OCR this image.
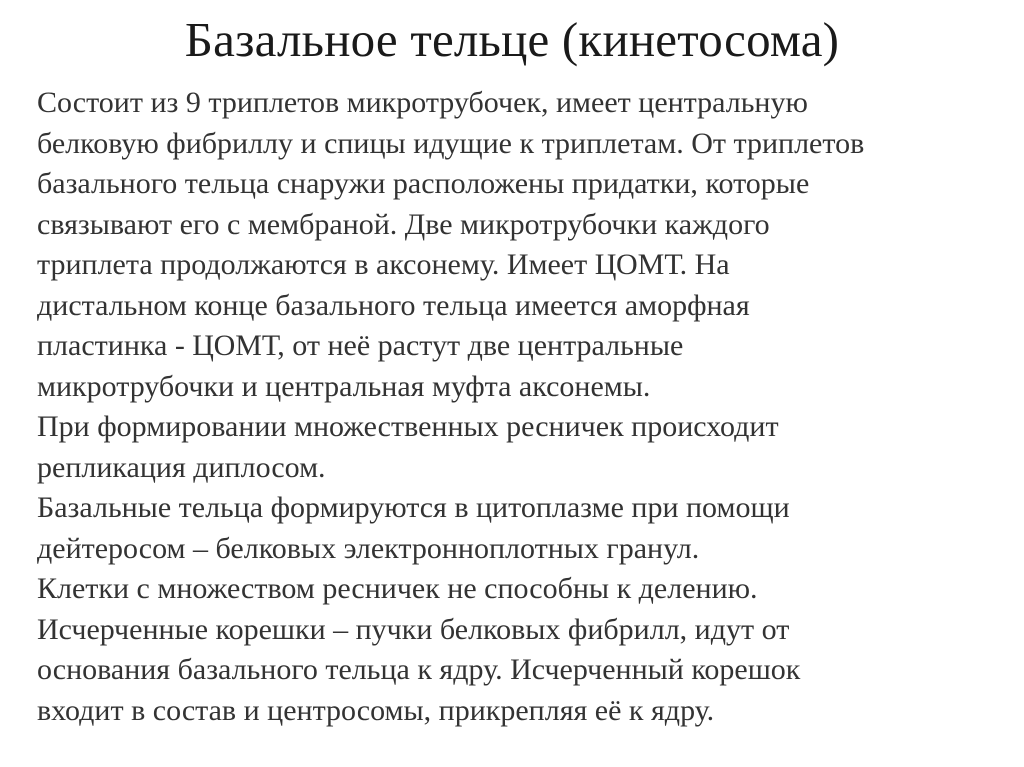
Базальное тельце (кинетосома)

Состоит из 9 триплетов микротрубочек, имеет центральную
белковую фибриллу и спицы идущие к триплетам. От триплетов
базального тельца снаружи расположены придатки, которые
связывают его с мембраной. Две микротрубочки каждого
триплета продолжаются в аксонему. Имеет ЦОМТ. На
дистальном конце базального тельца имеется аморфная
пластинка - ЦОМТ, от неё растут две центральные
микротрубочки и центральная муфта аксонемы.

При формировании множественных ресничек происходит
репликация диплосом.

Базальные тельца формируются в цитоплазме при помощи
дейтеросом – белковых электронноплотных гранул.

Клетки с множеством ресничек не способны к делению.

Исчерченные корешки – пучки белковых фибрилл, идут от
основания базального тельца к ядру. Исчерченный корешок
входит в состав и центросомы, прикрепляя её к ядру.
